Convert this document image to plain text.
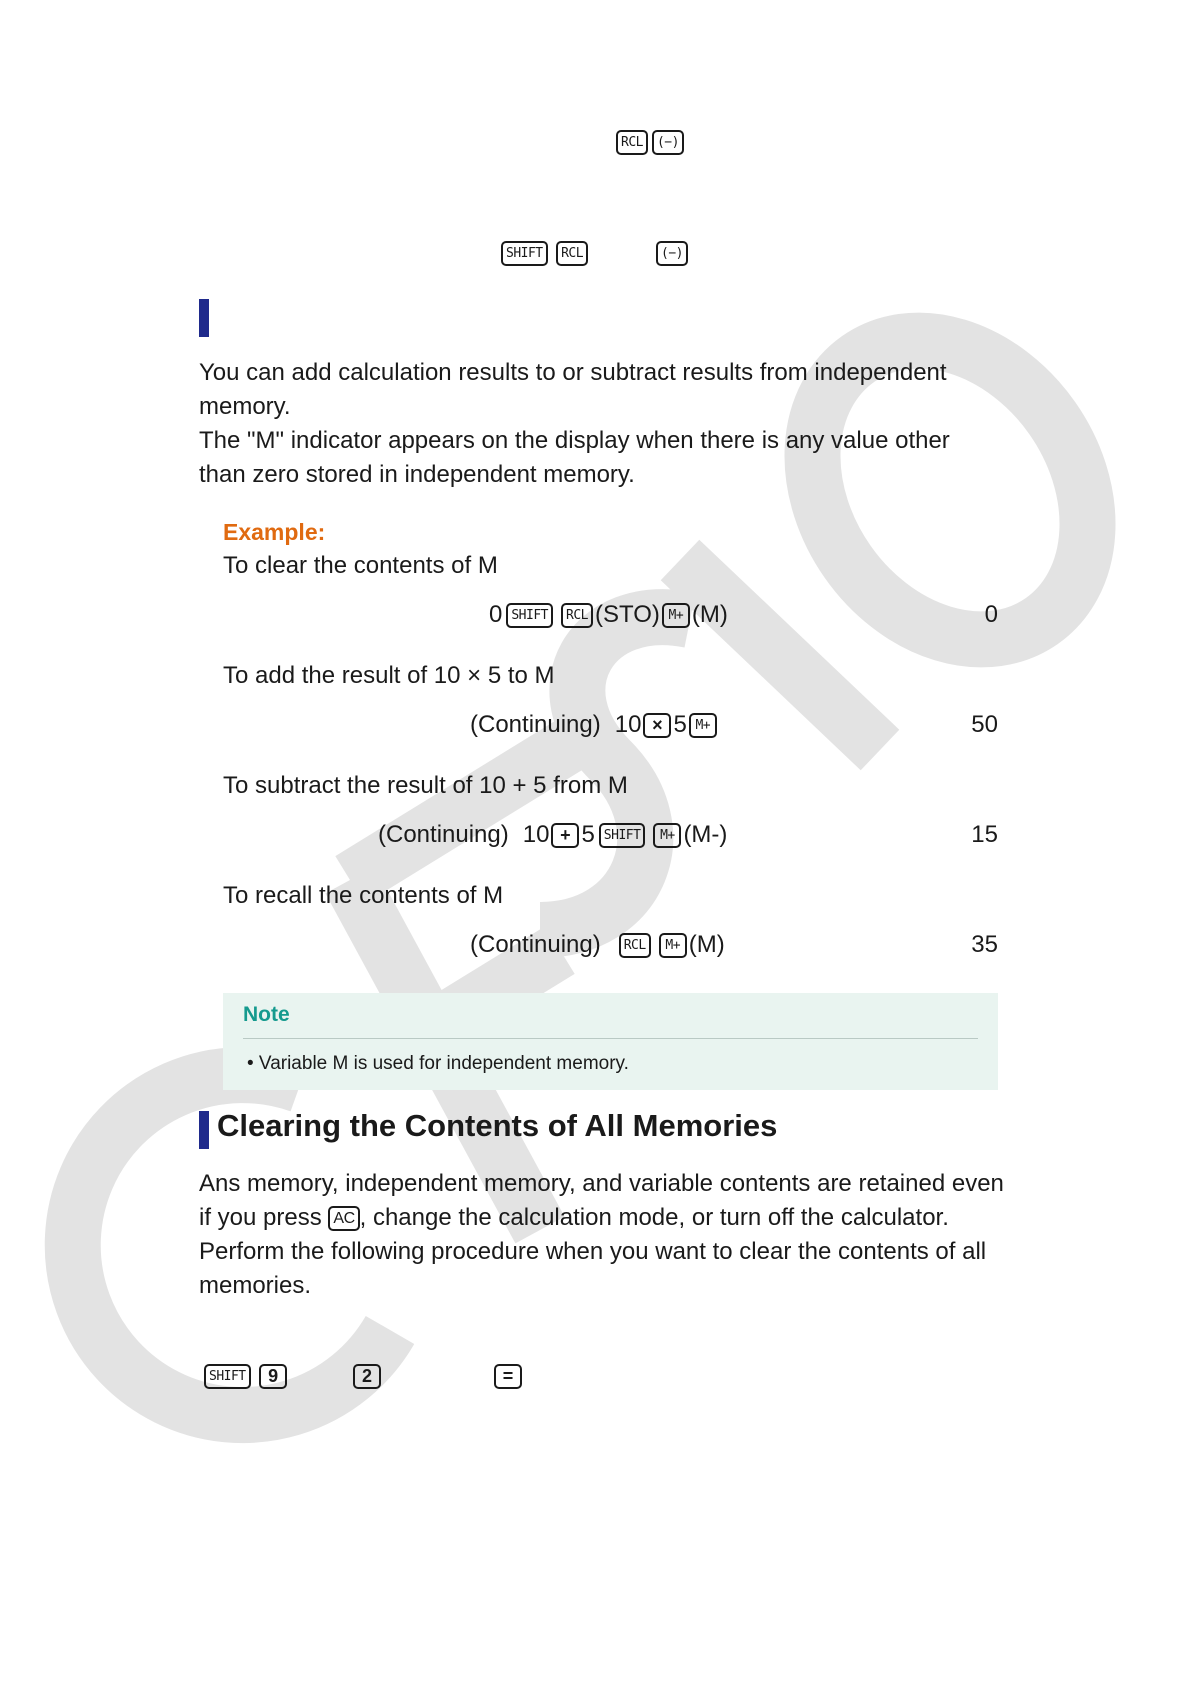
RCL	(−)
SHIFT RCL	(−)
You can add calculation results to or subtract results from independent memory.
The "M" indicator appears on the display when there is any value other than zero stored in independent memory.
Example:
To clear the contents of M
0 SHIFT	RCL (STO) M+ (M)	0
To add the result of 10 × 5 to M
(Continuing) 10 × 5 M+	50
To subtract the result of 10 + 5 from M
(Continuing) 10 + 5 SHIFT	M+ (M-)	15
To recall the contents of M
(Continuing)	RCL	M+ (M)	35
Note
• Variable M is used for independent memory.
Clearing the Contents of All Memories
Ans memory, independent memory, and variable contents are retained even if you press AC , change the calculation mode, or turn off the calculator.
Perform the following procedure when you want to clear the contents of all memories.
SHIFT 9	2	=
